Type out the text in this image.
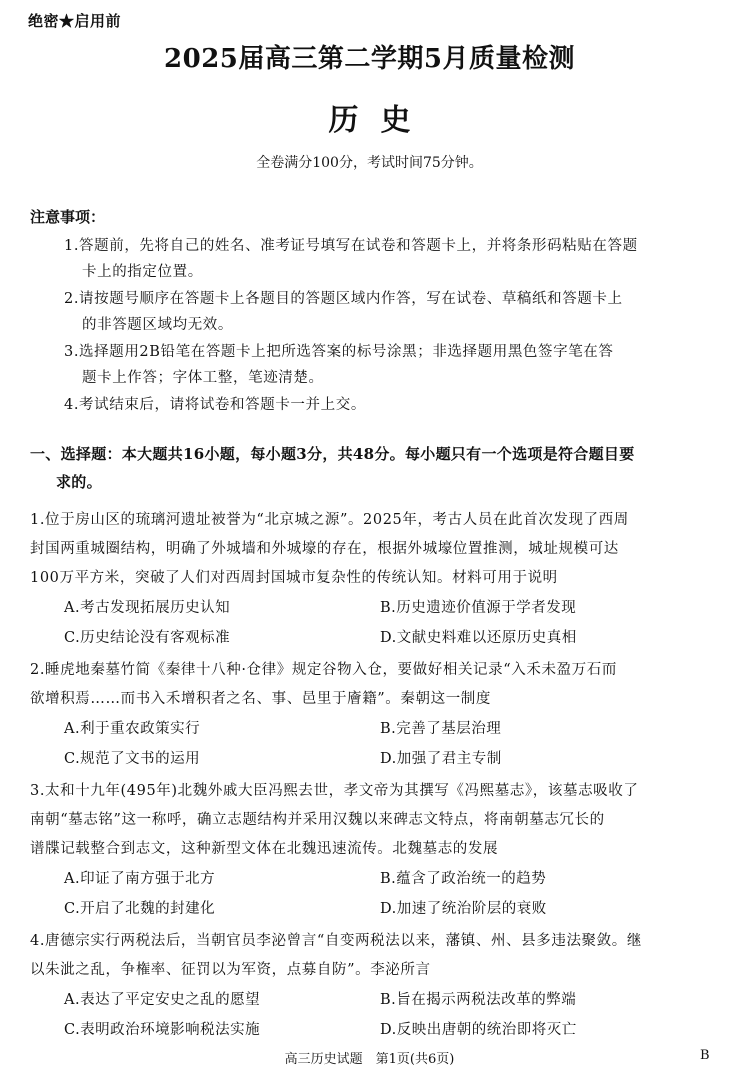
绝密★启用前
2025届高三第二学期5月质量检测
历史
全卷满分100分，考试时间75分钟。
注意事项：
1.答题前，先将自己的姓名、准考证号填写在试卷和答题卡上，并将条形码粘贴在答题
卡上的指定位置。
2.请按题号顺序在答题卡上各题目的答题区域内作答，写在试卷、草稿纸和答题卡上
的非答题区域均无效。
3.选择题用2B铅笔在答题卡上把所选答案的标号涂黑；非选择题用黑色签字笔在答
题卡上作答；字体工整，笔迹清楚。
4.考试结束后，请将试卷和答题卡一并上交。
一、选择题：本大题共16小题，每小题3分，共48分。每小题只有一个选项是符合题目要
求的。
1.位于房山区的琉璃河遗址被誉为“北京城之源”。2025年，考古人员在此首次发现了西周
封国两重城圈结构，明确了外城墙和外城壕的存在，根据外城壕位置推测，城址规模可达
100万平方米，突破了人们对西周封国城市复杂性的传统认知。材料可用于说明
A.考古发现拓展历史认知	B.历史遗迹价值源于学者发现
C.历史结论没有客观标准	D.文献史料难以还原历史真相
2.睡虎地秦墓竹简《秦律十八种·仓律》规定谷物入仓，要做好相关记录“入禾未盈万石而
欲增积焉……而书入禾增积者之名、事、邑里于廥籍”。秦朝这一制度
A.利于重农政策实行	B.完善了基层治理
C.规范了文书的运用	D.加强了君主专制
3.太和十九年(495年)北魏外戚大臣冯熙去世，孝文帝为其撰写《冯熙墓志》，该墓志吸收了
南朝“墓志铭”这一称呼，确立志题结构并采用汉魏以来碑志文特点，将南朝墓志冗长的
谱牒记载整合到志文，这种新型文体在北魏迅速流传。北魏墓志的发展
A.印证了南方强于北方	B.蕴含了政治统一的趋势
C.开启了北魏的封建化	D.加速了统治阶层的衰败
4.唐德宗实行两税法后，当朝官员李泌曾言“自变两税法以来，藩镇、州、县多违法聚敛。继
以朱泚之乱，争権率、征罚以为军资，点募自防”。李泌所言
A.表达了平定安史之乱的愿望	B.旨在揭示两税法改革的弊端
C.表明政治环境影响税法实施	D.反映出唐朝的统治即将灭亡
高三历史试题　第1页(共6页)	B
